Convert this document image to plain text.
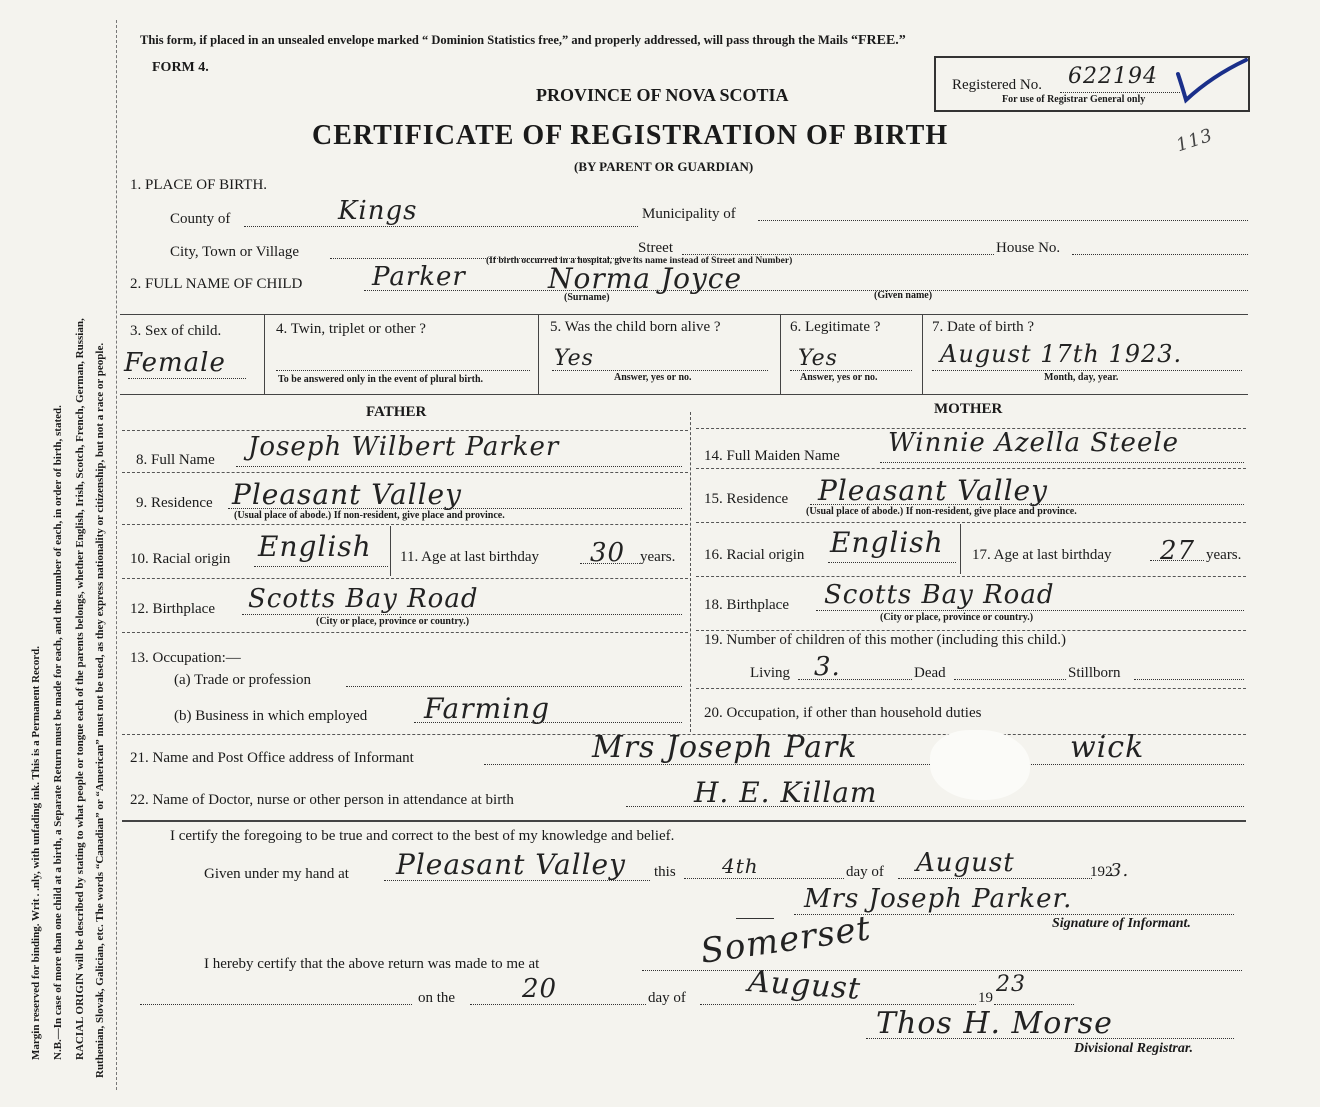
Margin reserved for binding. Writ . .nly, with unfading ink. This is a Permanent Record. N.B.—In case of more than one child at a birth, a Separate Return must be made for each, and the number of each, in order of birth, stated. RACIAL ORIGIN will be described by stating to what people or tongue each of the parents belongs, whether English, Irish, Scotch, French, German, Russian, Ruthenian, Slovak, Galician, etc. The words “Canadian” or “American” must not be used, as they express nationality or citizenship, but not a race or people.
This form, if placed in an unsealed envelope marked “ Dominion Statistics free,” and properly addressed, will pass through the Mails “FREE.”
FORM 4.
PROVINCE OF NOVA SCOTIA	Registered No. 622194
For use of Registrar General only
113
CERTIFICATE OF REGISTRATION OF BIRTH
(BY PARENT OR GUARDIAN)
1. PLACE OF BIRTH.
County of	Kings	Municipality of
City, Town or Village	Street	House No.
(If birth occurred in a hospital, give its name instead of Street and Number)
2. FULL NAME OF CHILD	Parker	Norma Joyce
(Surname)	(Given name)
3. Sex of child.
Female
4. Twin, triplet or other ?
To be answered only in the event of plural birth.
5. Was the child born alive ?
Yes
Answer, yes or no.
6. Legitimate ?
Yes
Answer, yes or no.
7. Date of birth ?
August 17th 1923.
Month, day, year.
FATHER	MOTHER
8. Full Name Joseph Wilbert Parker	14. Full Maiden Name Winnie Azella Steele
9. Residence Pleasant Valley
(Usual place of abode.) If non-resident, give place and province.
15. Residence Pleasant Valley
(Usual place of abode.) If non-resident, give place and province.
10. Racial origin English 11. Age at last birthday 30 years. 16. Racial origin English 17. Age at last birthday 27 years.
12. Birthplace Scotts Bay Road
(City or place, province or country.)
18. Birthplace Scotts Bay Road
(City or place, province or country.)
13. Occupation:—
(a) Trade or profession
(b) Business in which employed Farming
19. Number of children of this mother (including this child.)
Living 3.	Dead	Stillborn
20. Occupation, if other than household duties
21. Name and Post Office address of Informant	Mrs Joseph Park	wick
22. Name of Doctor, nurse or other person in attendance at birth	H. E. Killam
I certify the foregoing to be true and correct to the best of my knowledge and belief.
Given under my hand at Pleasant Valley this 4th	day of August	192
3.
Mrs Joseph Parker.
Signature of Informant.
Somerset
I hereby certify that the above return was made to me at
on the	20	day of August	19
23
Thos H. Morse
Divisional Registrar.
